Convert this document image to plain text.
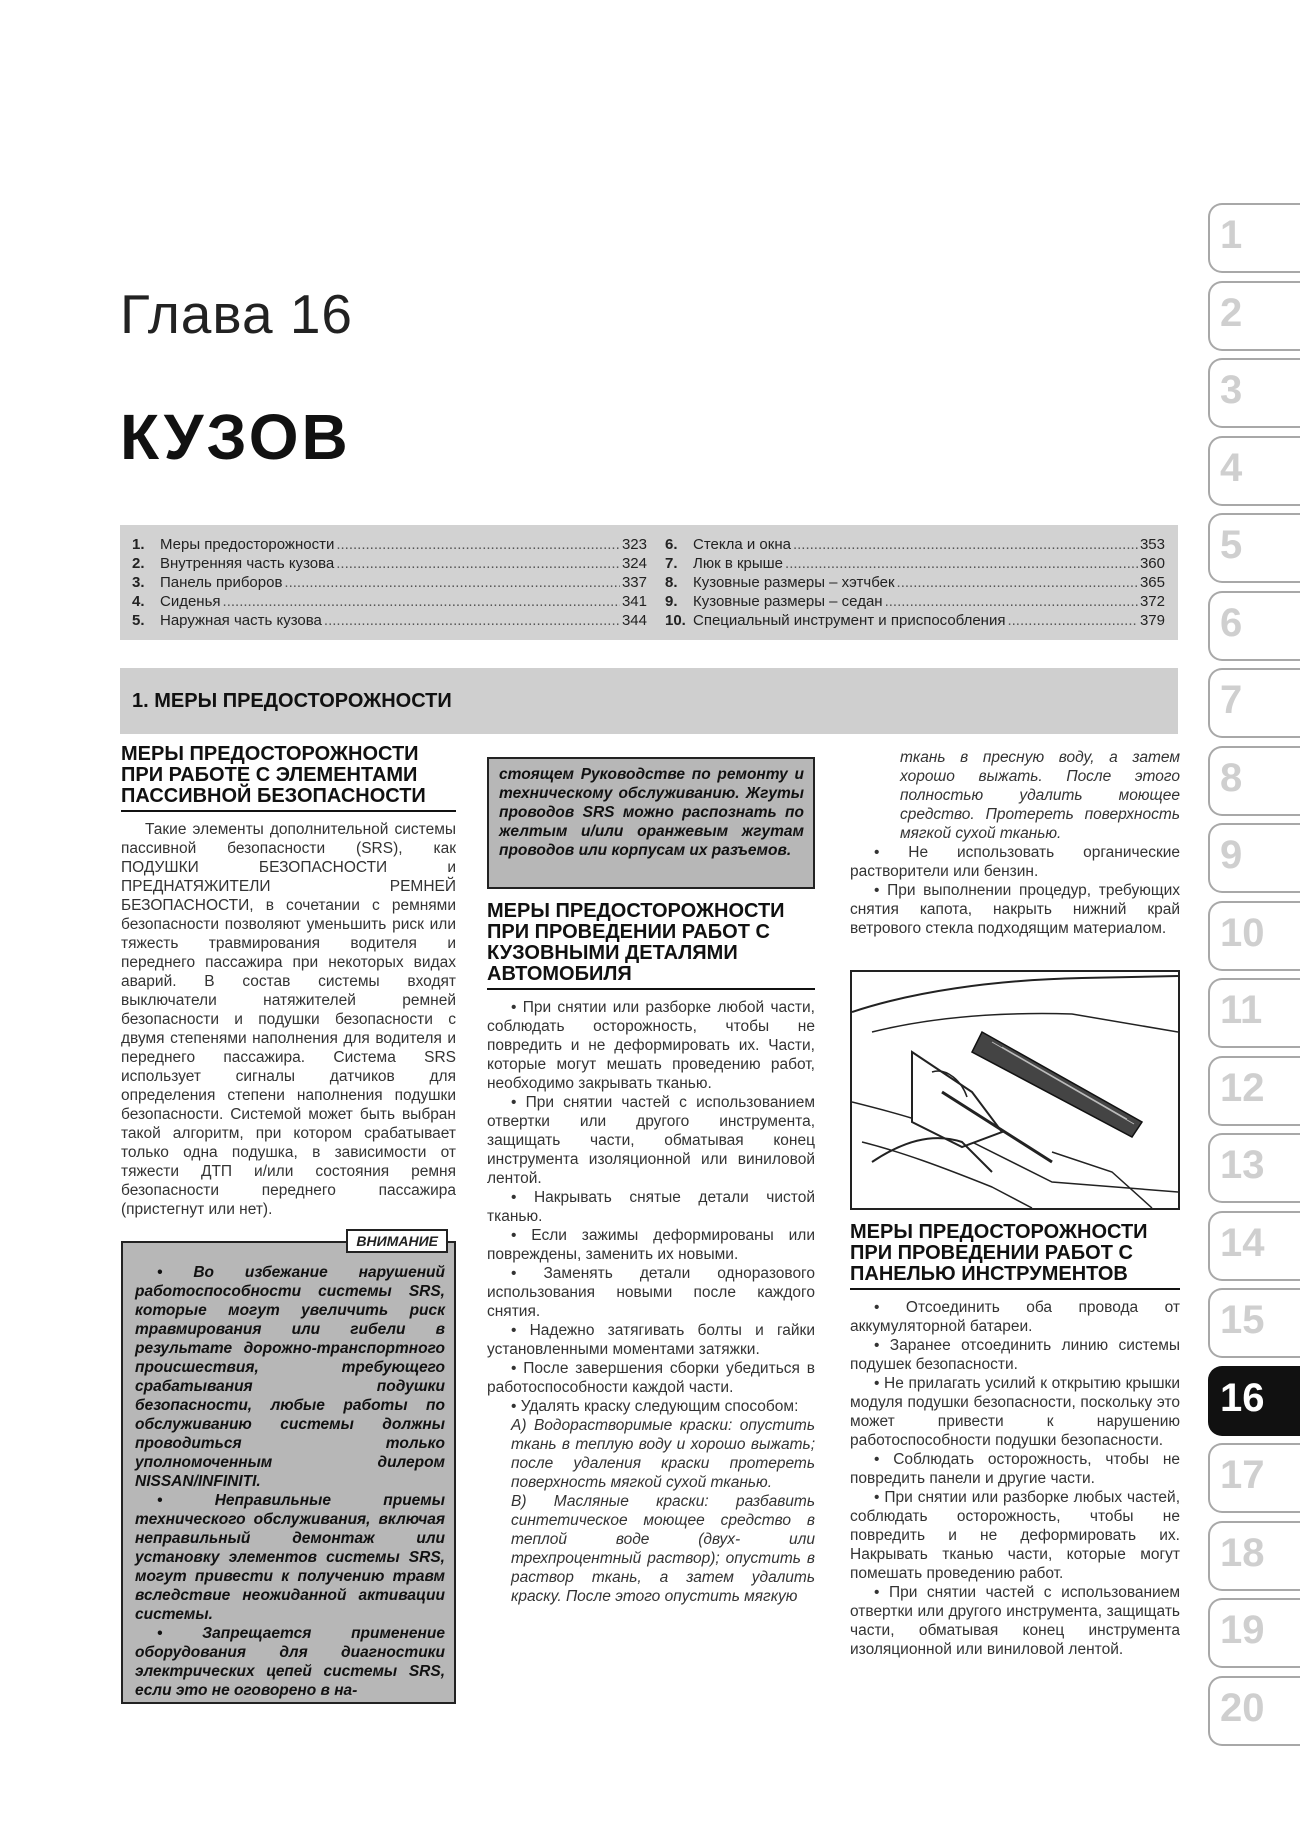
Глава 16
КУЗОВ
1.	Меры предосторожности .....	323
2.	Внутренняя часть кузова .....	324
3.	Панель приборов .....	337
4.	Сиденья .....	341
5.	Наружная часть кузова .....	344
6.	Стекла и окна .....	353
7.	Люк в крыше .....	360
8.	Кузовные размеры – хэтчбек .....	365
9.	Кузовные размеры – седан .....	372
10. Специальный инструмент и приспособления .....	379
1. МЕРЫ ПРЕДОСТОРОЖНОСТИ
1
2
3
4
5
6
7
8
9
10
11
12
13
14
15
16
17
18
19
20
МЕРЫ ПРЕДОСТОРОЖНОСТИ ПРИ РАБОТЕ С ЭЛЕМЕНТАМИ ПАССИВНОЙ БЕЗОПАСНОСТИ

Такие элементы дополнительной системы пассивной безопасности (SRS), как ПОДУШКИ БЕЗОПАСНОСТИ и ПРЕДНАТЯЖИТЕЛИ РЕМНЕЙ БЕЗОПАСНОСТИ, в сочетании с ремнями безопасности позволяют уменьшить риск или тяжесть травмирования водителя и переднего пассажира при некоторых видах аварий. В состав системы входят выключатели натяжителей ремней безопасности и подушки безопасности с двумя степенями наполнения для водителя и переднего пассажира. Система SRS использует сигналы датчиков для определения степени наполнения подушки безопасности. Системой может быть выбран такой алгоритм, при котором срабатывает только одна подушка, в зависимости от тяжести ДТП и/или состояния ремня безопасности переднего пассажира (пристегнут или нет).

ВНИМАНИЕ

• Во избежание нарушений работоспособности системы SRS, которые могут увеличить риск травмирования или гибели в результате дорожно-транспортного происшествия, требующего срабатывания подушки безопасности, любые работы по обслуживанию системы должны проводиться только уполномоченным дилером NISSAN/INFINITI.

• Неправильные приемы технического обслуживания, включая неправильный демонтаж или установку элементов системы SRS, могут привести к получению травм вследствие неожиданной активации системы.

• Запрещается применение оборудования для диагностики электрических цепей системы SRS, если это не оговорено в на-

стоящем Руководстве по ремонту и техническому обслуживанию. Жгуты проводов SRS можно распознать по желтым и/или оранжевым жгутам проводов или корпусам их разъемов.

МЕРЫ ПРЕДОСТОРОЖНОСТИ ПРИ ПРОВЕДЕНИИ РАБОТ С КУЗОВНЫМИ ДЕТАЛЯМИ АВТОМОБИЛЯ

• При снятии или разборке любой части, соблюдать осторожность, чтобы не повредить и не деформировать их. Части, которые могут мешать проведению работ, необходимо закрывать тканью.

• При снятии частей с использованием отвертки или другого инструмента, защищать части, обматывая конец инструмента изоляционной или виниловой лентой.

• Накрывать снятые детали чистой тканью.

• Если зажимы деформированы или повреждены, заменить их новыми.

• Заменять детали одноразового использования новыми после каждого снятия.

• Надежно затягивать болты и гайки установленными моментами затяжки.

• После завершения сборки убедиться в работоспособности каждой части.

• Удалять краску следующим способом:

A) Водорастворимые краски: опустить ткань в теплую воду и хорошо выжать; после удаления краски протереть поверхность мягкой сухой тканью.

B) Масляные краски: разбавить синтетическое моющее средство в теплой воде (двух- или трехпроцентный раствор); опустить в раствор ткань, а затем удалить краску. После этого опустить мягкую

ткань в пресную воду, а затем хорошо выжать. После этого полностью удалить моющее средство. Протереть поверхность мягкой сухой тканью.

• Не использовать органические растворители или бензин.

• При выполнении процедур, требующих снятия капота, накрыть нижний край ветрового стекла подходящим материалом.

МЕРЫ ПРЕДОСТОРОЖНОСТИ ПРИ ПРОВЕДЕНИИ РАБОТ С ПАНЕЛЬЮ ИНСТРУМЕНТОВ

• Отсоединить оба провода от аккумуляторной батареи.

• Заранее отсоединить линию системы подушек безопасности.

• Не прилагать усилий к открытию крышки модуля подушки безопасности, поскольку это может привести к нарушению работоспособности подушки безопасности.

• Соблюдать осторожность, чтобы не повредить панели и другие части.

• При снятии или разборке любых частей, соблюдать осторожность, чтобы не повредить и не деформировать их. Накрывать тканью части, которые могут помешать проведению работ.

• При снятии частей с использованием отвертки или другого инструмента, защищать части, обматывая конец инструмента изоляционной или виниловой лентой.
